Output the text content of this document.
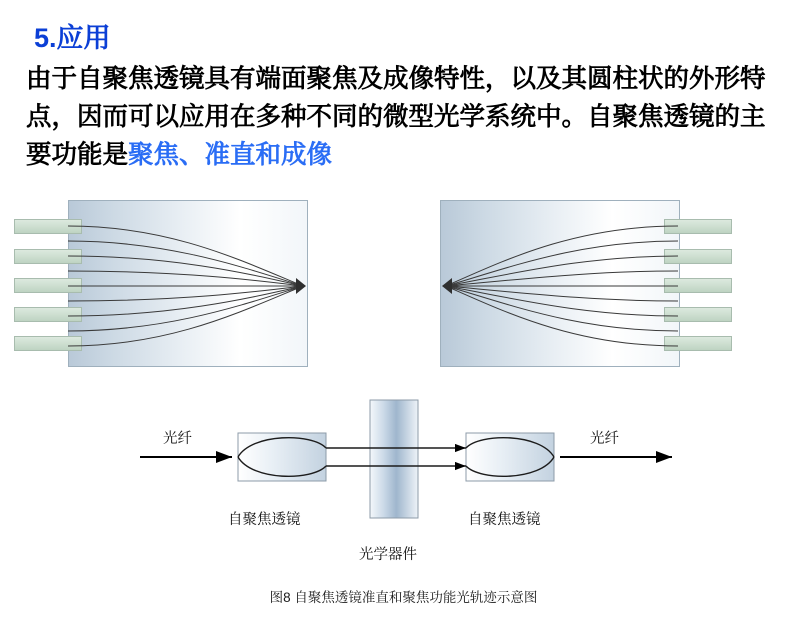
5.应用
由于自聚焦透镜具有端面聚焦及成像特性，以及其圆柱状的外形特点，因而可以应用在多种不同的微型光学系统中。自聚焦透镜的主要功能是聚焦、准直和成像
光纤	光纤
自聚焦透镜	自聚焦透镜
光学器件
图8 自聚焦透镜准直和聚焦功能光轨迹示意图
